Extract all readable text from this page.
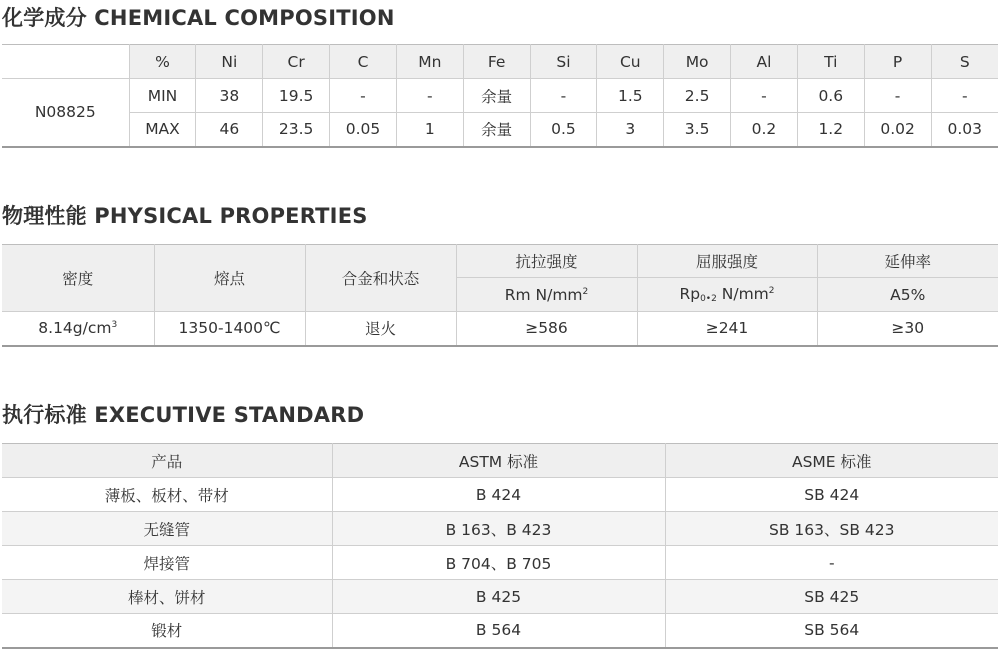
化学成分 CHEMICAL COMPOSITION
	%	Ni	Cr	C	Mn	Fe	Si	Cu	Mo	Al	Ti	P	S
N08825	MIN	38	19.5	-	-	余量	-	1.5	2.5	-	0.6	-	-
	MAX	46	23.5	0.05	1	余量	0.5	3	3.5	0.2	1.2	0.02	0.03
物理性能 PHYSICAL PROPERTIES
密度	熔点	合金和状态	抗拉强度	屈服强度	延伸率
			Rm $N/mm^2$	$Rp_{0•2}$ $N/mm^2$	A5%
$8.14g/cm^3$	1350-1400℃	退火	≥586	≥241	≥30
执行标准 EXECUTIVE STANDARD
产品	ASTM 标准	ASME 标准
薄板、板材、带材	B 424	SB 424
无缝管	B 163、B 423	SB 163、SB 423
焊接管	B 704、B 705	-
棒材、饼材	B 425	SB 425
锻材	B 564	SB 564
